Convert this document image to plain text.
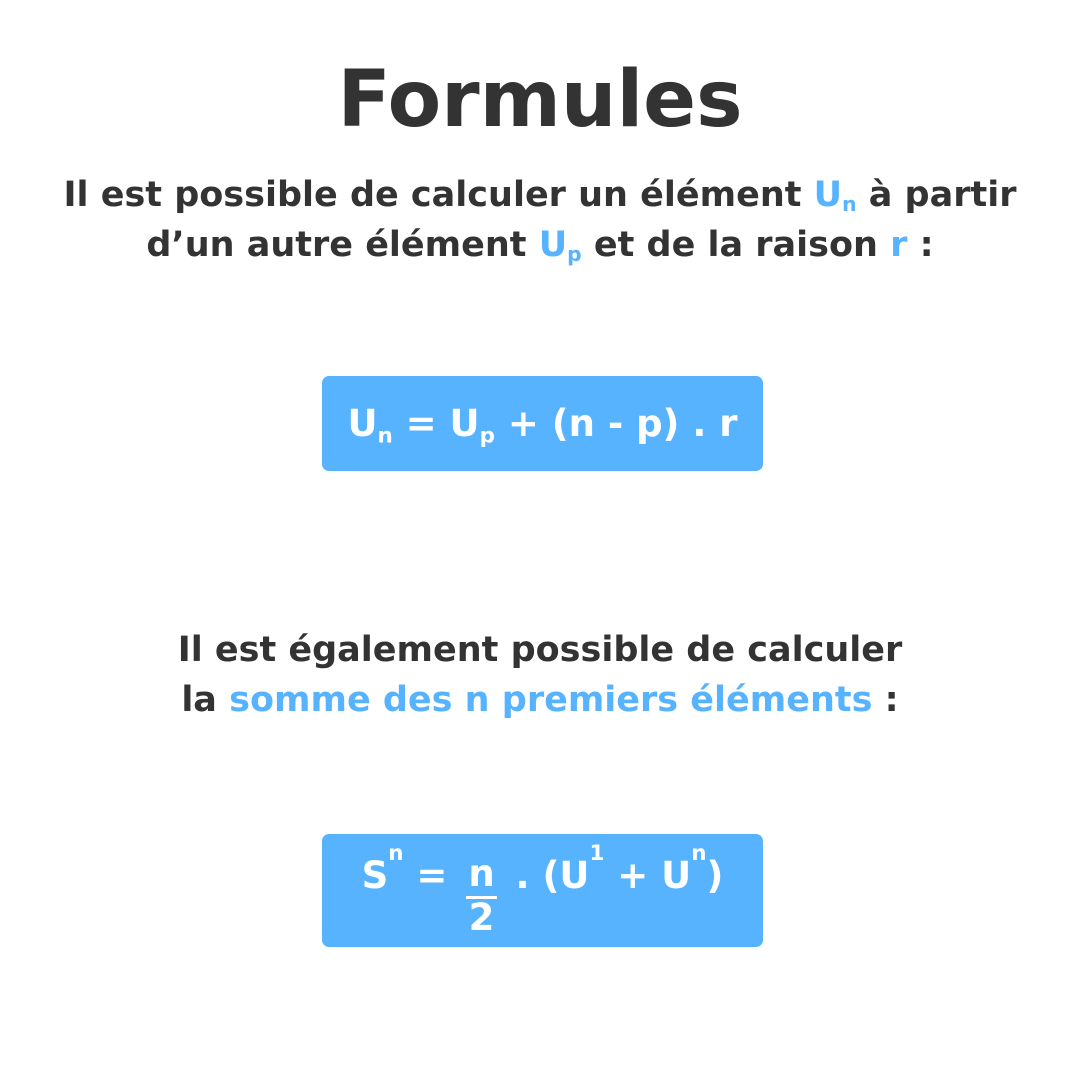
Formules
Il est possible de calculer un élément $U_n$ à partir
d’un autre élément $U_p$ et de la raison r :
$U_n = U_p + (n - p)$ . r
Il est également possible de calculer
la somme des n premiers éléments :
S
n
= $\frac{n}{2}$ . (U
1
+ U
n
)
